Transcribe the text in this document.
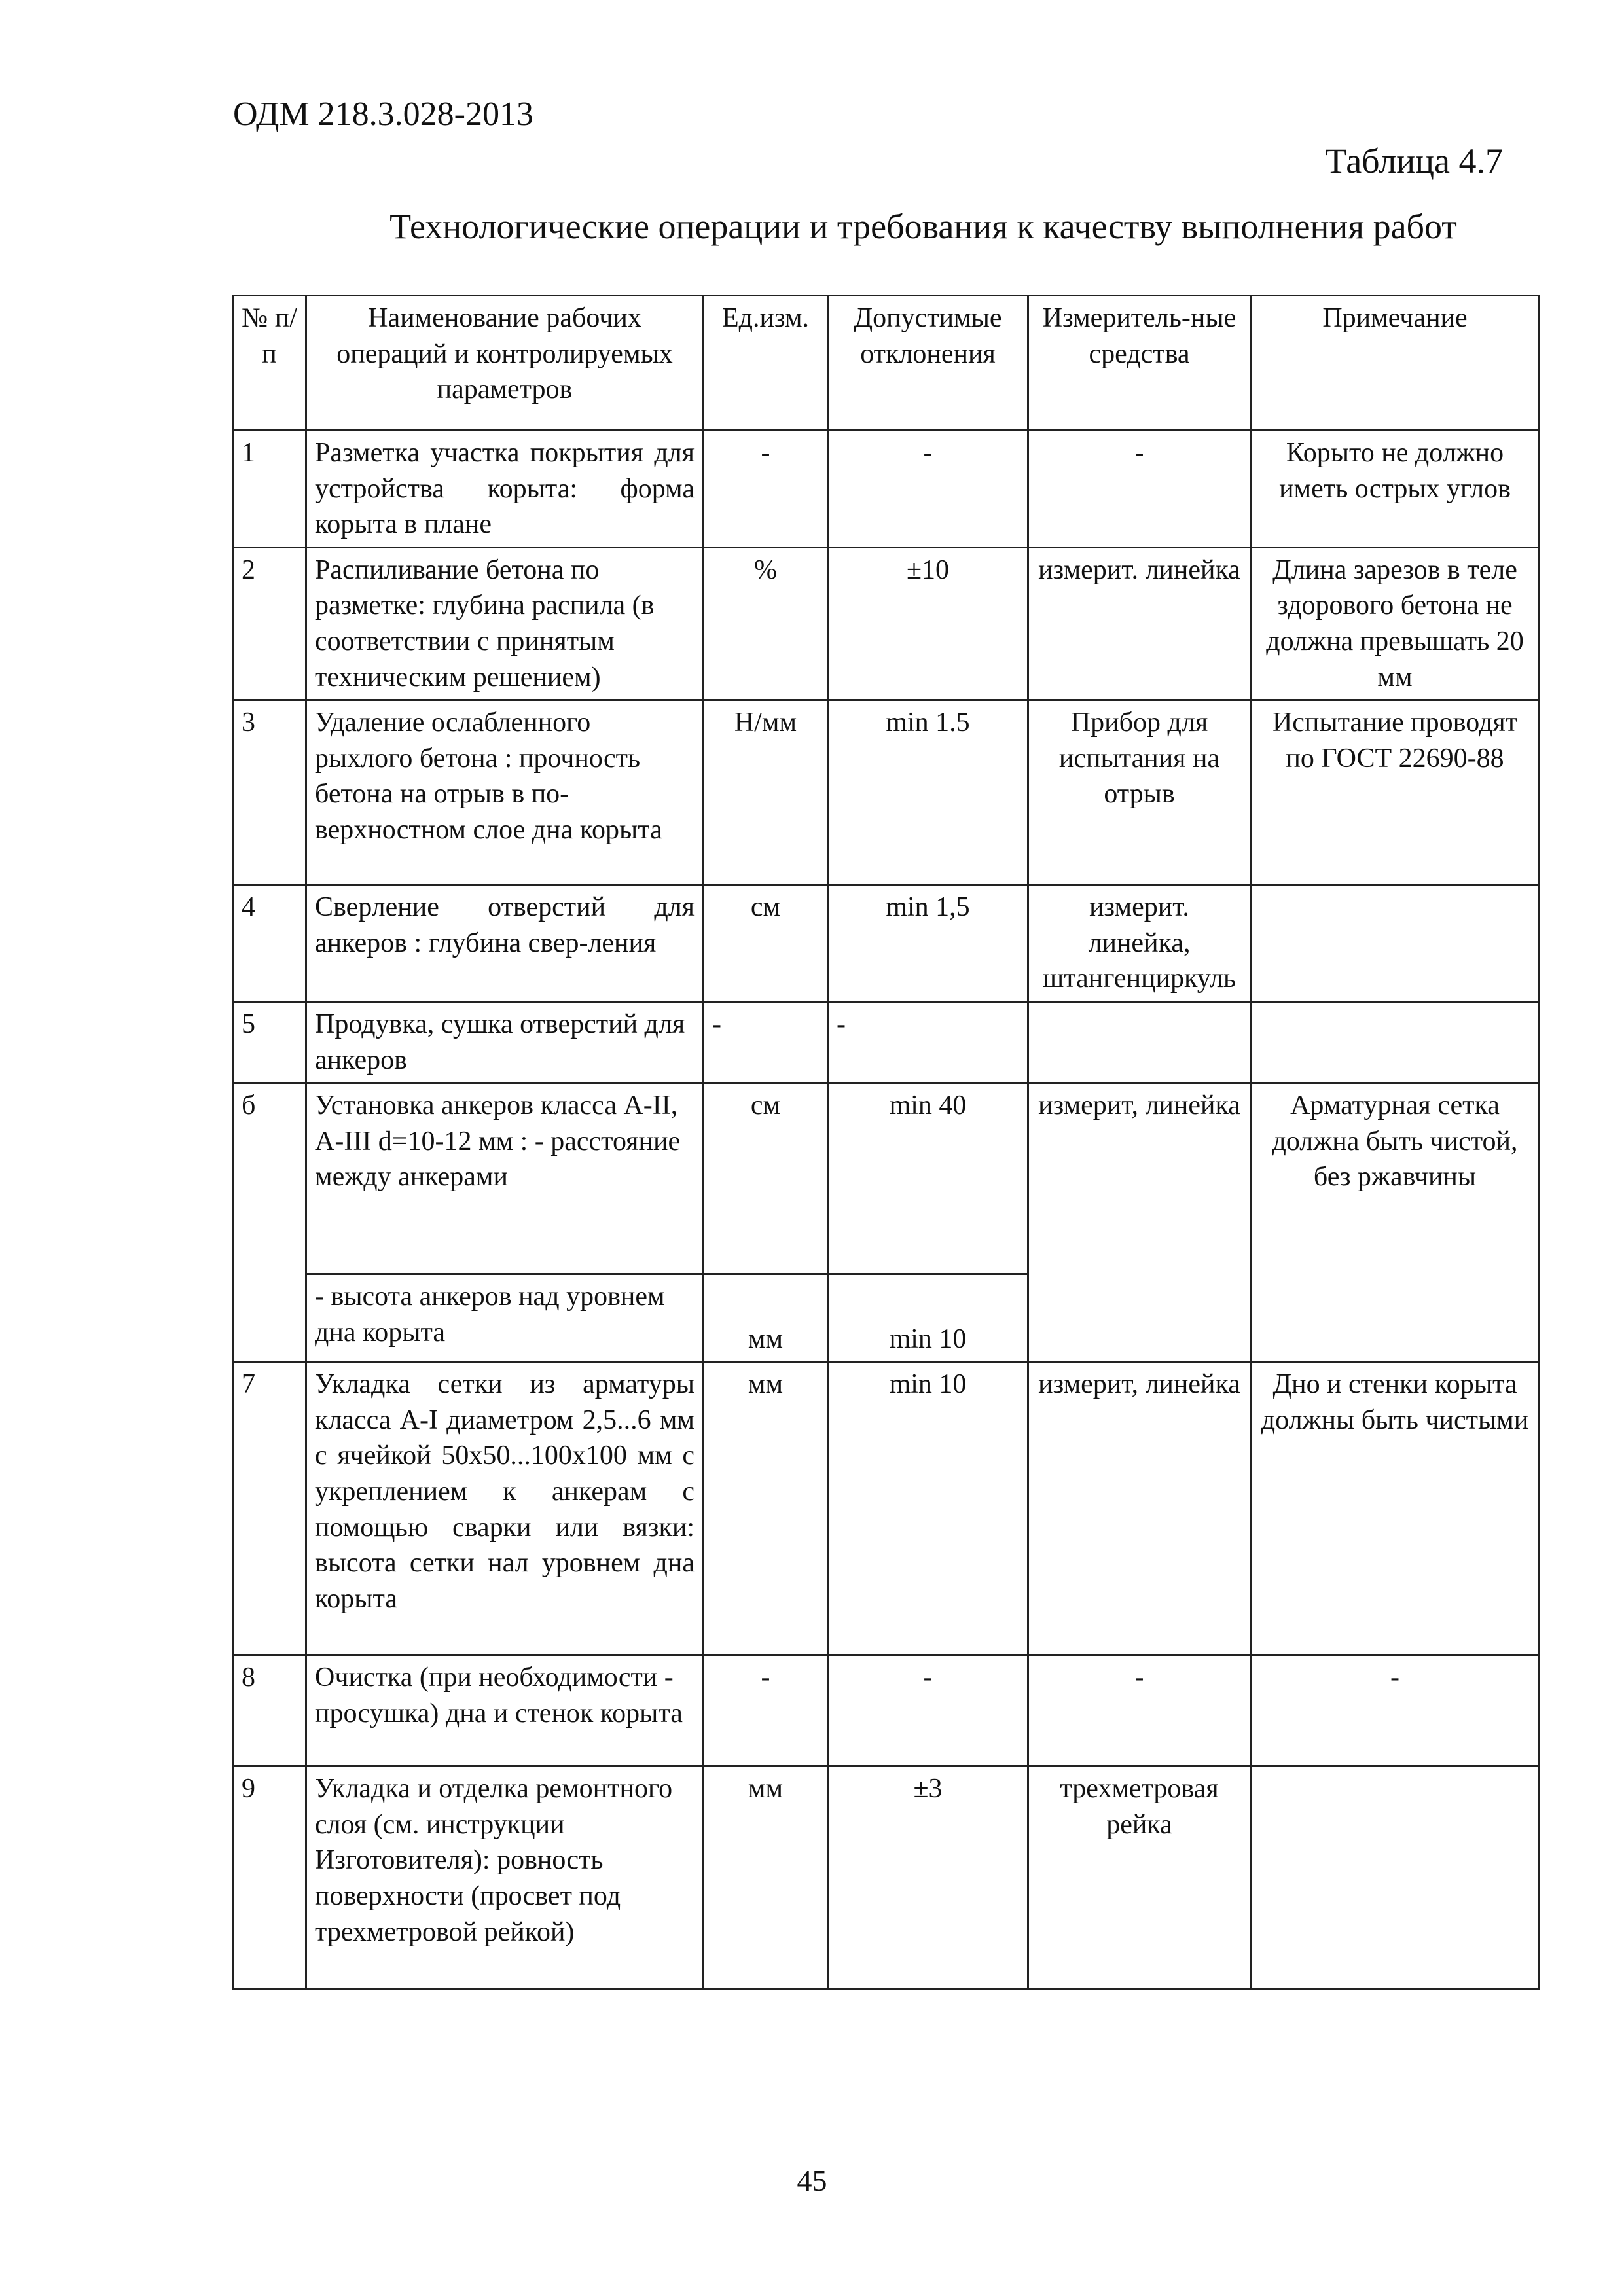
ОДМ 218.3.028-2013
Таблица 4.7
Технологические операции и требования к качеству выполнения работ
№ п/п	Наименование рабочих операций и контролируемых параметров	Ед.изм.	Допустимые отклонения	Измеритель-ные средства	Примечание
1	Разметка участка покрытия для устройства корыта: форма корыта в плане	-	-	-	Корыто не должно иметь острых углов
2	Распиливание бетона по разметке: глубина распила (в соответствии с принятым техническим решением)	%	±10	измерит. линейка	Длина зарезов в теле здорового бетона не должна превышать 20 мм
3	Удаление ослабленного рыхлого бетона : прочность бетона на отрыв в по-верхностном слое дна корыта	Н/мм	min 1.5	Прибор для испытания на отрыв	Испытание проводят по ГОСТ 22690-88
4	Сверление отверстий для анкеров : глубина свер-ления	см	min 1,5	измерит. линейка, штангенциркуль	
5	Продувка, сушка отверстий для анкеров	-	-		
б	Установка анкеров класса А-II, А-III d=10-12 мм : - расстояние между анкерами	см	min 40	измерит, линейка	Арматурная сетка должна быть чистой, без ржавчины
	- высота анкеров над уровнем дна корыта	мм	min 10		
7	Укладка сетки из арматуры класса А-I диаметром 2,5...6 мм с ячейкой 50x50...100x100 мм с укреплением к анкерам с помощью сварки или вязки: высота сетки нал уровнем дна корыта	мм	min 10	измерит, линейка	Дно и стенки корыта должны быть чистыми
8	Очистка (при необходимости - просушка) дна и стенок корыта	-	-	-	-
9	Укладка и отделка ремонтного слоя (см. инструкции Изготовителя): ровность поверхности (просвет под трехметровой рейкой)	мм	±3	трехметровая рейка	
45
